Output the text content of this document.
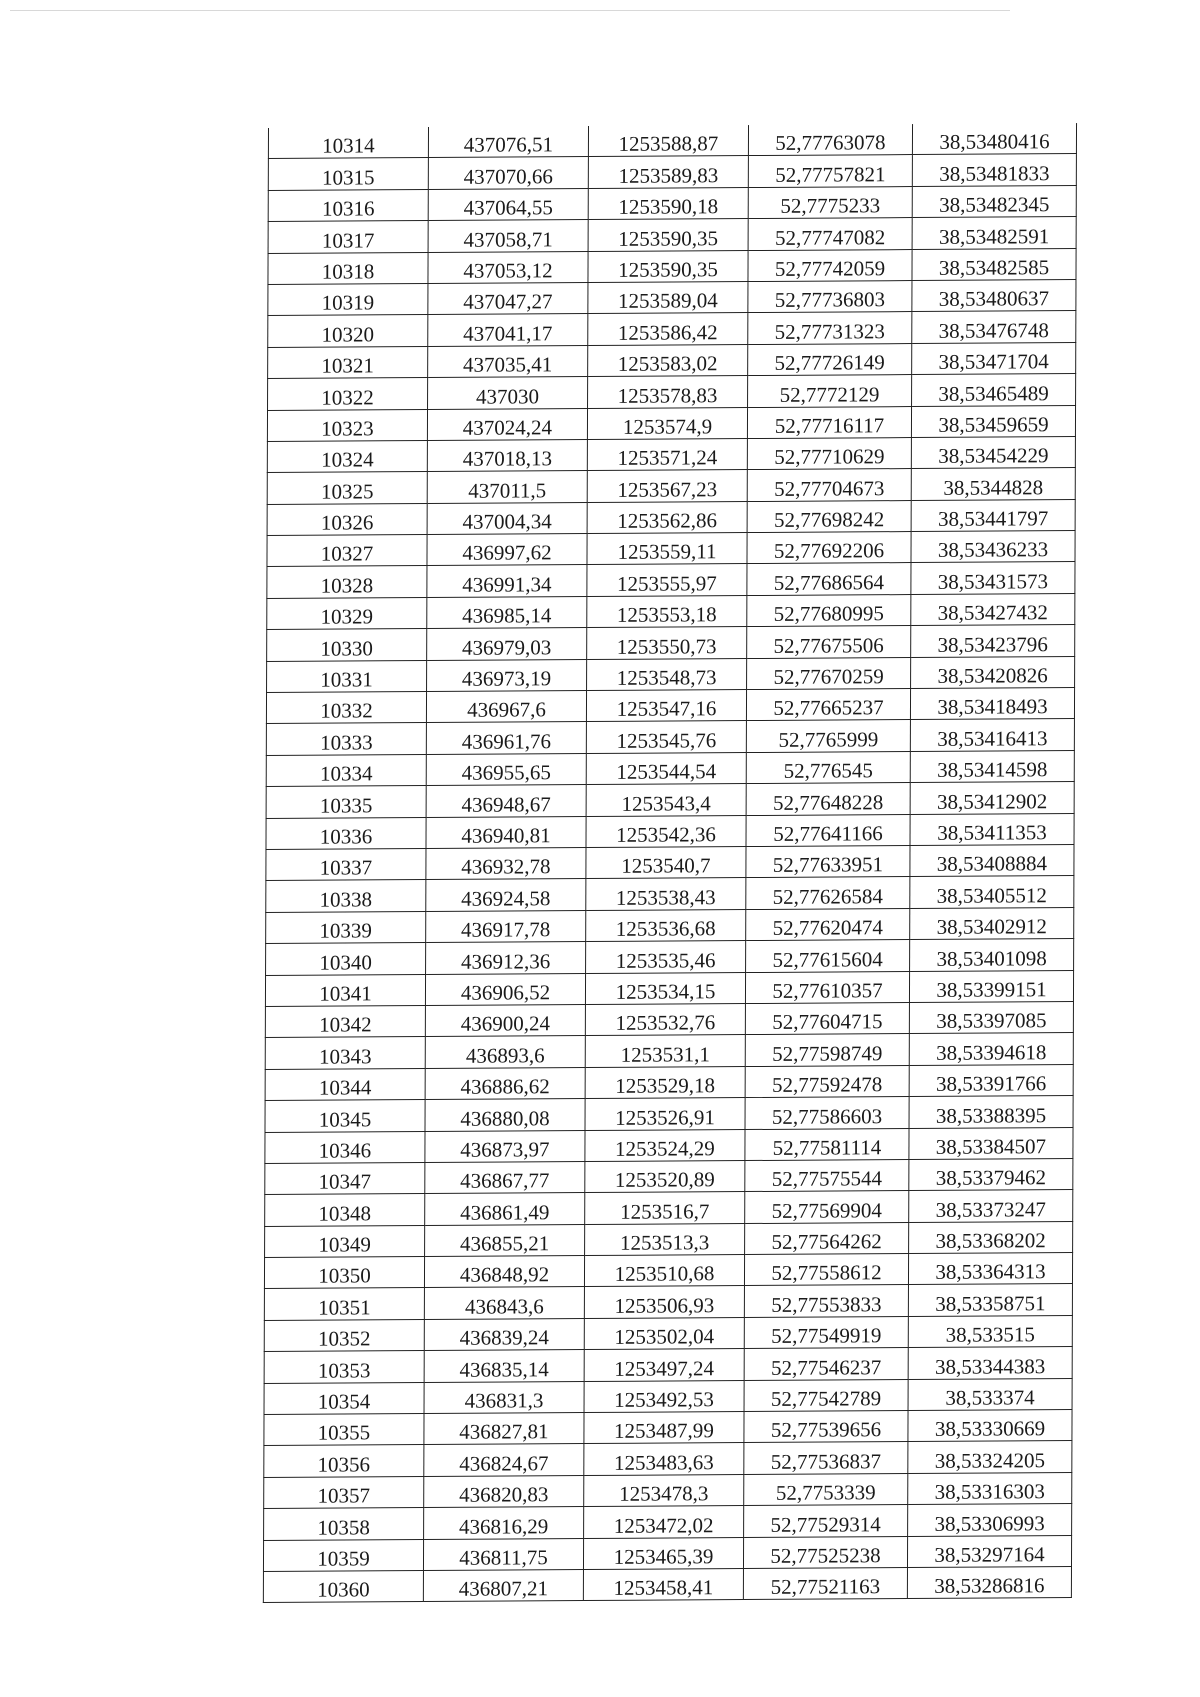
10314	437076,51	1253588,87	52,77763078	38,53480416
10315	437070,66	1253589,83	52,77757821	38,53481833
10316	437064,55	1253590,18	52,7775233	38,53482345
10317	437058,71	1253590,35	52,77747082	38,53482591
10318	437053,12	1253590,35	52,77742059	38,53482585
10319	437047,27	1253589,04	52,77736803	38,53480637
10320	437041,17	1253586,42	52,77731323	38,53476748
10321	437035,41	1253583,02	52,77726149	38,53471704
10322	437030	1253578,83	52,7772129	38,53465489
10323	437024,24	1253574,9	52,77716117	38,53459659
10324	437018,13	1253571,24	52,77710629	38,53454229
10325	437011,5	1253567,23	52,77704673	38,5344828
10326	437004,34	1253562,86	52,77698242	38,53441797
10327	436997,62	1253559,11	52,77692206	38,53436233
10328	436991,34	1253555,97	52,77686564	38,53431573
10329	436985,14	1253553,18	52,77680995	38,53427432
10330	436979,03	1253550,73	52,77675506	38,53423796
10331	436973,19	1253548,73	52,77670259	38,53420826
10332	436967,6	1253547,16	52,77665237	38,53418493
10333	436961,76	1253545,76	52,7765999	38,53416413
10334	436955,65	1253544,54	52,776545	38,53414598
10335	436948,67	1253543,4	52,77648228	38,53412902
10336	436940,81	1253542,36	52,77641166	38,53411353
10337	436932,78	1253540,7	52,77633951	38,53408884
10338	436924,58	1253538,43	52,77626584	38,53405512
10339	436917,78	1253536,68	52,77620474	38,53402912
10340	436912,36	1253535,46	52,77615604	38,53401098
10341	436906,52	1253534,15	52,77610357	38,53399151
10342	436900,24	1253532,76	52,77604715	38,53397085
10343	436893,6	1253531,1	52,77598749	38,53394618
10344	436886,62	1253529,18	52,77592478	38,53391766
10345	436880,08	1253526,91	52,77586603	38,53388395
10346	436873,97	1253524,29	52,77581114	38,53384507
10347	436867,77	1253520,89	52,77575544	38,53379462
10348	436861,49	1253516,7	52,77569904	38,53373247
10349	436855,21	1253513,3	52,77564262	38,53368202
10350	436848,92	1253510,68	52,77558612	38,53364313
10351	436843,6	1253506,93	52,77553833	38,53358751
10352	436839,24	1253502,04	52,77549919	38,533515
10353	436835,14	1253497,24	52,77546237	38,53344383
10354	436831,3	1253492,53	52,77542789	38,533374
10355	436827,81	1253487,99	52,77539656	38,53330669
10356	436824,67	1253483,63	52,77536837	38,53324205
10357	436820,83	1253478,3	52,7753339	38,53316303
10358	436816,29	1253472,02	52,77529314	38,53306993
10359	436811,75	1253465,39	52,77525238	38,53297164
10360	436807,21	1253458,41	52,77521163	38,53286816
